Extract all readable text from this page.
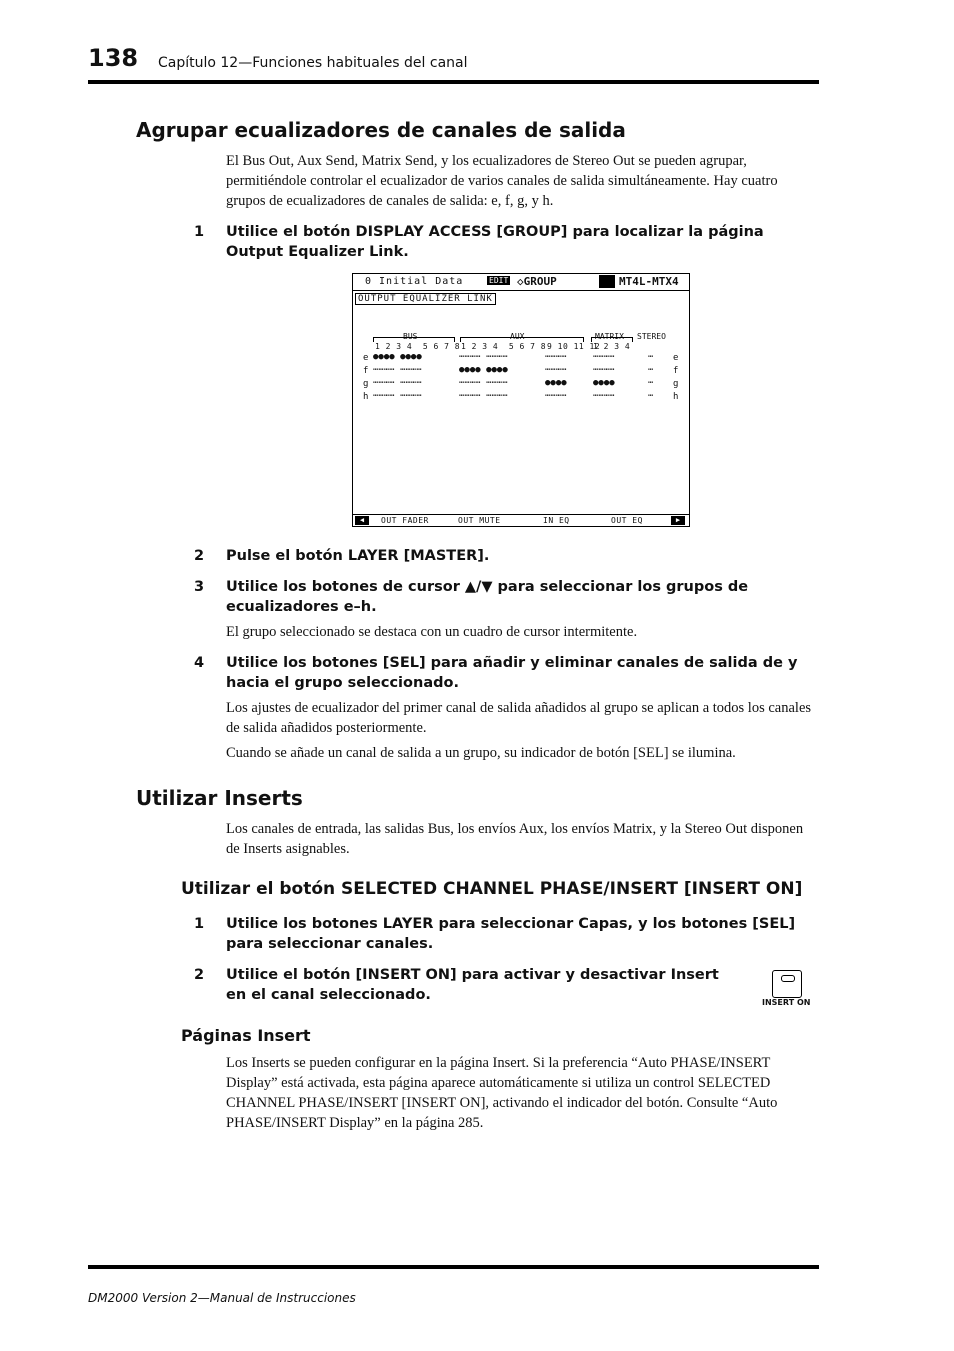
138 Capítulo 12—Funciones habituales del canal
Agrupar ecualizadores de canales de salida

El Bus Out, Aux Send, Matrix Send, y los ecualizadores de Stereo Out se pueden agrupar, permitiéndole controlar el ecualizador de varios canales de salida simultáneamente. Hay cuatro grupos de ecualizadores de canales de salida: e, f, g, y h.

1 Utilice el botón DISPLAY ACCESS [GROUP] para localizar la página Output Equalizer Link.
0 Initial Data	EDIT ◇GROUP	MT4L-MTX4
OUTPUT EQUALIZER LINK
BUS	AUX	MATRIX STEREO
1 2 3 4  5 6 7 8 1 2 3 4  5 6 7 8 9 10 11 12
1 2 3 4
e ●●●● ●●●●	⋯⋯⋯⋯ ⋯⋯⋯⋯	⋯⋯⋯⋯	⋯⋯⋯⋯	⋯ e
f ⋯⋯⋯⋯ ⋯⋯⋯⋯	●●●● ●●●●	⋯⋯⋯⋯	⋯⋯⋯⋯	⋯ f
g ⋯⋯⋯⋯ ⋯⋯⋯⋯	⋯⋯⋯⋯ ⋯⋯⋯⋯	●●●●	●●●●	⋯ g
h ⋯⋯⋯⋯ ⋯⋯⋯⋯	⋯⋯⋯⋯ ⋯⋯⋯⋯	⋯⋯⋯⋯	⋯⋯⋯⋯	⋯ h
◀	OUT FADER	OUT MUTE	IN EQ	OUT EQ	▶
2 Pulse el botón LAYER [MASTER].
3 Utilice los botones de cursor ▲/▼ para seleccionar los grupos de ecualizadores e–h.

El grupo seleccionado se destaca con un cuadro de cursor intermitente.

4 Utilice los botones [SEL] para añadir y eliminar canales de salida de y hacia el grupo seleccionado.

Los ajustes de ecualizador del primer canal de salida añadidos al grupo se aplican a todos los canales de salida añadidos posteriormente.

Cuando se añade un canal de salida a un grupo, su indicador de botón [SEL] se ilumina.

Utilizar Inserts

Los canales de entrada, las salidas Bus, los envíos Aux, los envíos Matrix, y la Stereo Out disponen de Inserts asignables.

Utilizar el botón SELECTED CHANNEL PHASE/INSERT [INSERT ON]
1 Utilice los botones LAYER para seleccionar Capas, y los botones [SEL] para seleccionar canales.
2 Utilice el botón [INSERT ON] para activar y desactivar Insert en el canal seleccionado.	INSERT ON
Páginas Insert

Los Inserts se pueden configurar en la página Insert. Si la preferencia “Auto PHASE/INSERT Display” está activada, esta página aparece automáticamente si utiliza un control SELECTED CHANNEL PHASE/INSERT [INSERT ON], activando el indicador del botón. Consulte “Auto PHASE/INSERT Display” en la página 285.

DM2000 Version 2—Manual de Instrucciones
